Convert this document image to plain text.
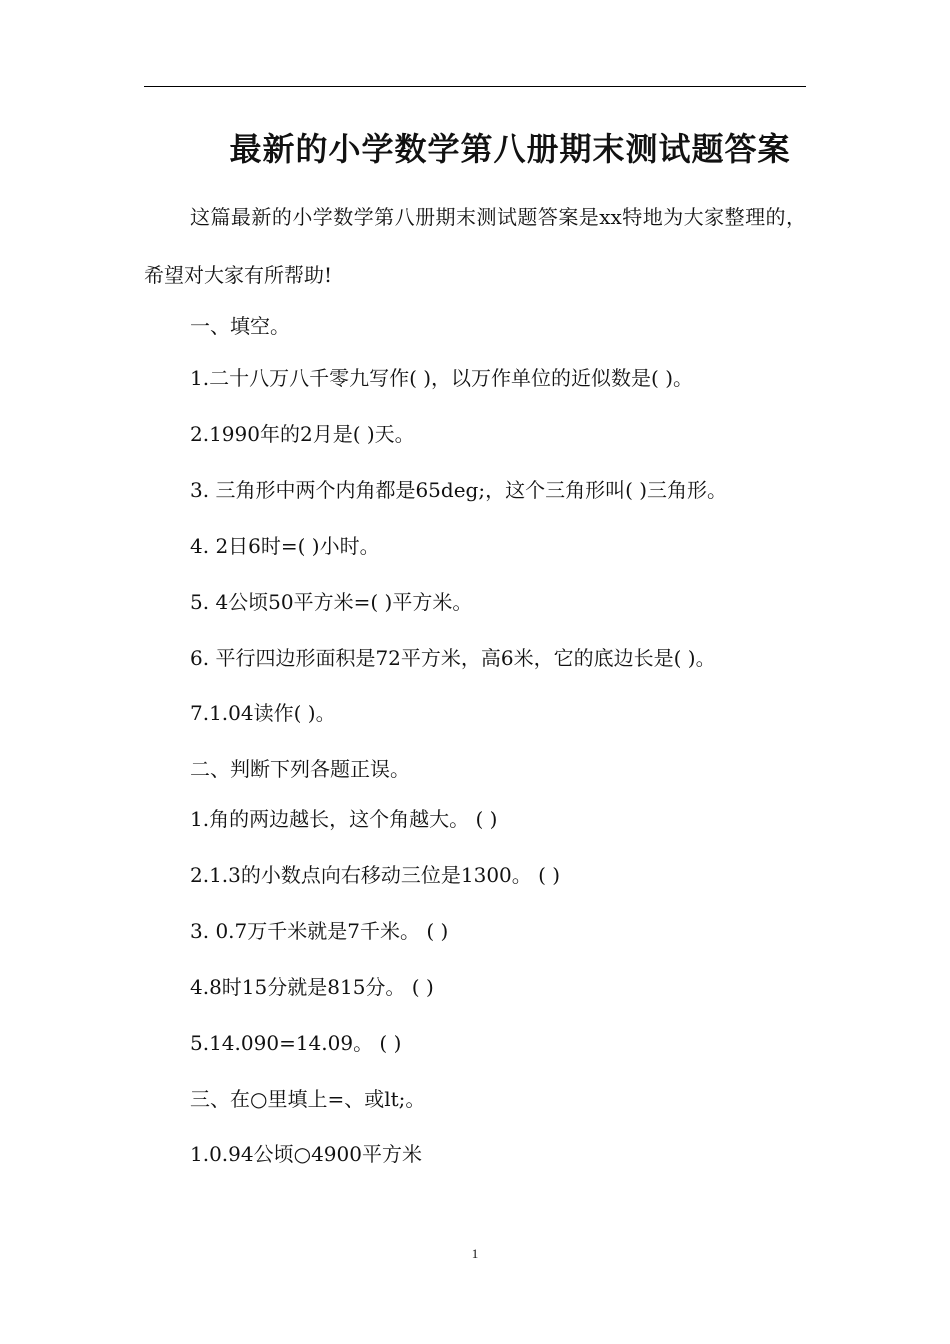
最新的小学数学第八册期末测试题答案
这篇最新的小学数学第八册期末测试题答案是xx特地为大家整理的，希望对大家有所帮助!
一、填空。
1.二十八万八千零九写作( )，以万作单位的近似数是( )。
2.1990年的2月是( )天。
3. 三角形中两个内角都是65deg;，这个三角形叫( )三角形。
4. 2日6时=( )小时。
5. 4公顷50平方米=( )平方米。
6. 平行四边形面积是72平方米，高6米，它的底边长是( )。
7.1.04读作( )。
二、判断下列各题正误。
1.角的两边越长，这个角越大。 ( )
2.1.3的小数点向右移动三位是1300。 ( )
3. 0.7万千米就是7千米。 ( )
4.8时15分就是815分。 ( )
5.14.090=14.09。 ( )
三、在○里填上=、或lt;。
1.0.94公顷○4900平方米
1
